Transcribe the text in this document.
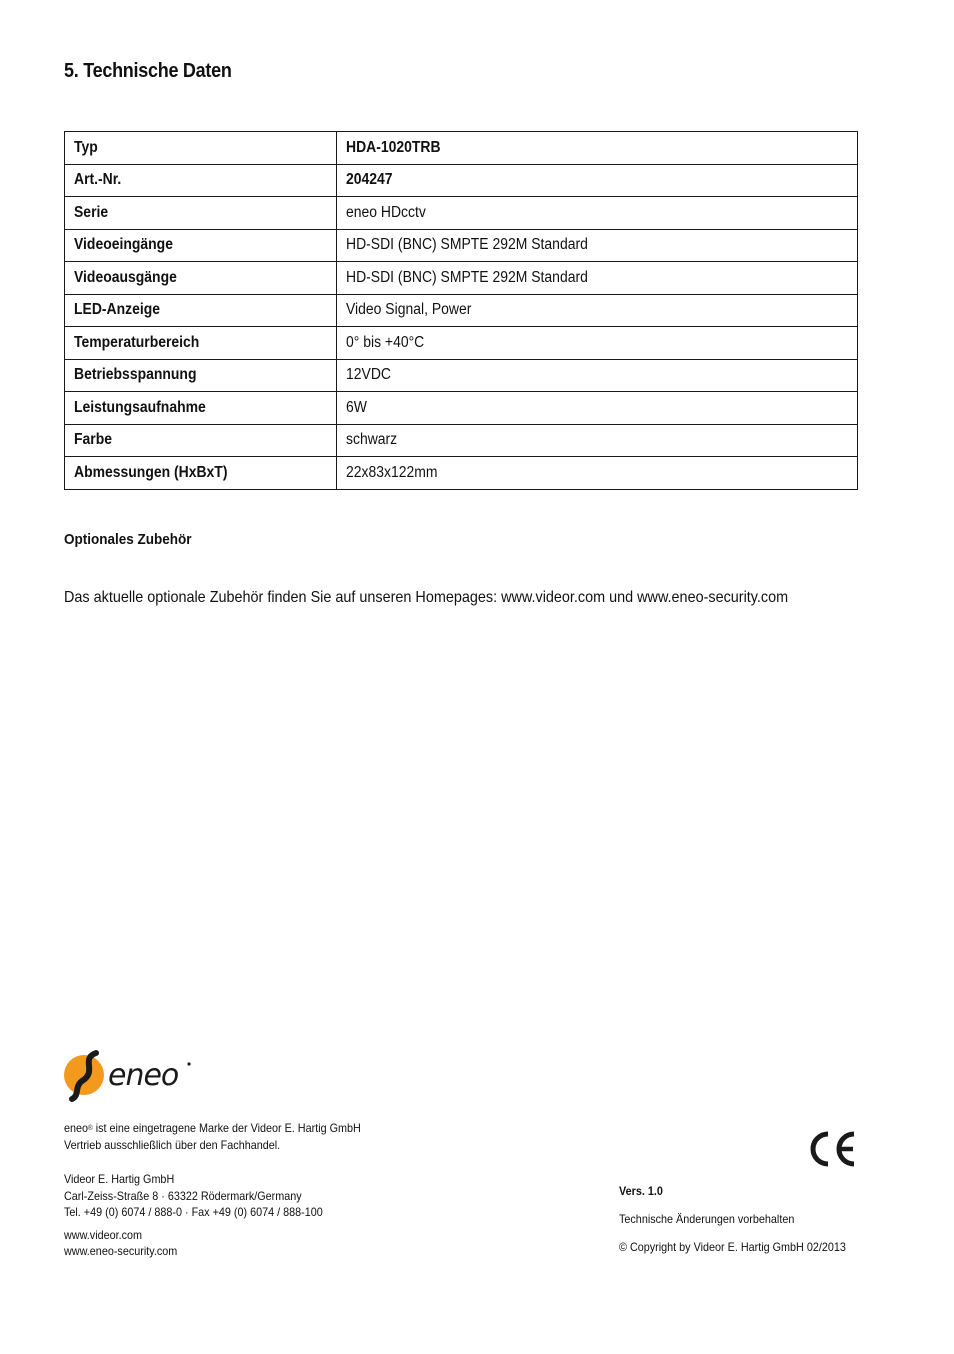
5. Technische Daten
Typ	HDA-1020TRB
Art.-Nr.	204247
Serie	eneo HDcctv
Videoeingänge	HD-SDI (BNC) SMPTE 292M Standard
Videoausgänge	HD-SDI (BNC) SMPTE 292M Standard
LED-Anzeige	Video Signal, Power
Temperaturbereich	0° bis +40°C
Betriebsspannung	12VDC
Leistungsaufnahme	6W
Farbe	schwarz
Abmessungen (HxBxT)	22x83x122mm
Optionales Zubehör
Das aktuelle optionale Zubehör finden Sie auf unseren Homepages: www.videor.com und www.eneo-security.com
eneo
eneo® ist eine eingetragene Marke der Videor E. Hartig GmbH
Vertrieb ausschließlich über den Fachhandel.
Videor E. Hartig GmbH
Carl-Zeiss-Straße 8 · 63322 Rödermark/Germany
Tel. +49 (0) 6074 / 888-0 · Fax +49 (0) 6074 / 888-100
www.videor.com
www.eneo-security.com
Vers. 1.0
Technische Änderungen vorbehalten
© Copyright by Videor E. Hartig GmbH 02/2013
